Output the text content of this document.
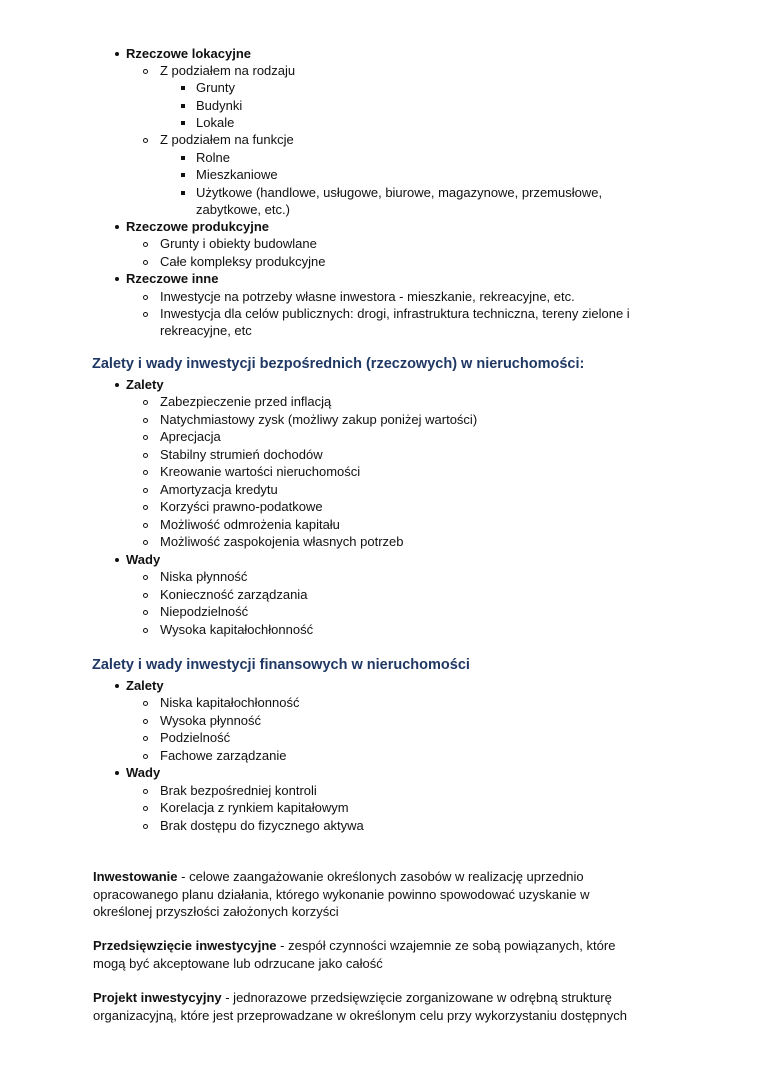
Rzeczowe lokacyjne
Z podziałem na rodzaju
Grunty
Budynki
Lokale
Z podziałem na funkcje
Rolne
Mieszkaniowe
Użytkowe (handlowe, usługowe, biurowe, magazynowe, przemusłowe,
zabytkowe, etc.)
Rzeczowe produkcyjne
Grunty i obiekty budowlane
Całe kompleksy produkcyjne
Rzeczowe inne
Inwestycje na potrzeby własne inwestora - mieszkanie, rekreacyjne, etc.
Inwestycja dla celów publicznych: drogi, infrastruktura techniczna, tereny zielone i
rekreacyjne, etc
Zalety i wady inwestycji bezpośrednich (rzeczowych) w nieruchomości:
Zalety
Zabezpieczenie przed inflacją
Natychmiastowy zysk (możliwy zakup poniżej wartości)
Aprecjacja
Stabilny strumień dochodów
Kreowanie wartości nieruchomości
Amortyzacja kredytu
Korzyści prawno-podatkowe
Możliwość odmrożenia kapitału
Możliwość zaspokojenia własnych potrzeb
Wady
Niska płynność
Konieczność zarządzania
Niepodzielność
Wysoka kapitałochłonność
Zalety i wady inwestycji finansowych w nieruchomości
Zalety
Niska kapitałochłonność
Wysoka płynność
Podzielność
Fachowe zarządzanie
Wady
Brak bezpośredniej kontroli
Korelacja z rynkiem kapitałowym
Brak dostępu do fizycznego aktywa
Inwestowanie - celowe zaangażowanie określonych zasobów w realizację uprzednio opracowanego planu działania, którego wykonanie powinno spowodować uzyskanie w określonej przyszłości założonych korzyści
Przedsięwzięcie inwestycyjne - zespół czynności wzajemnie ze sobą powiązanych, które mogą być akceptowane lub odrzucane jako całość
Projekt inwestycyjny - jednorazowe przedsięwzięcie zorganizowane w odrębną strukturę organizacyjną, które jest przeprowadzane w określonym celu przy wykorzystaniu dostępnych
